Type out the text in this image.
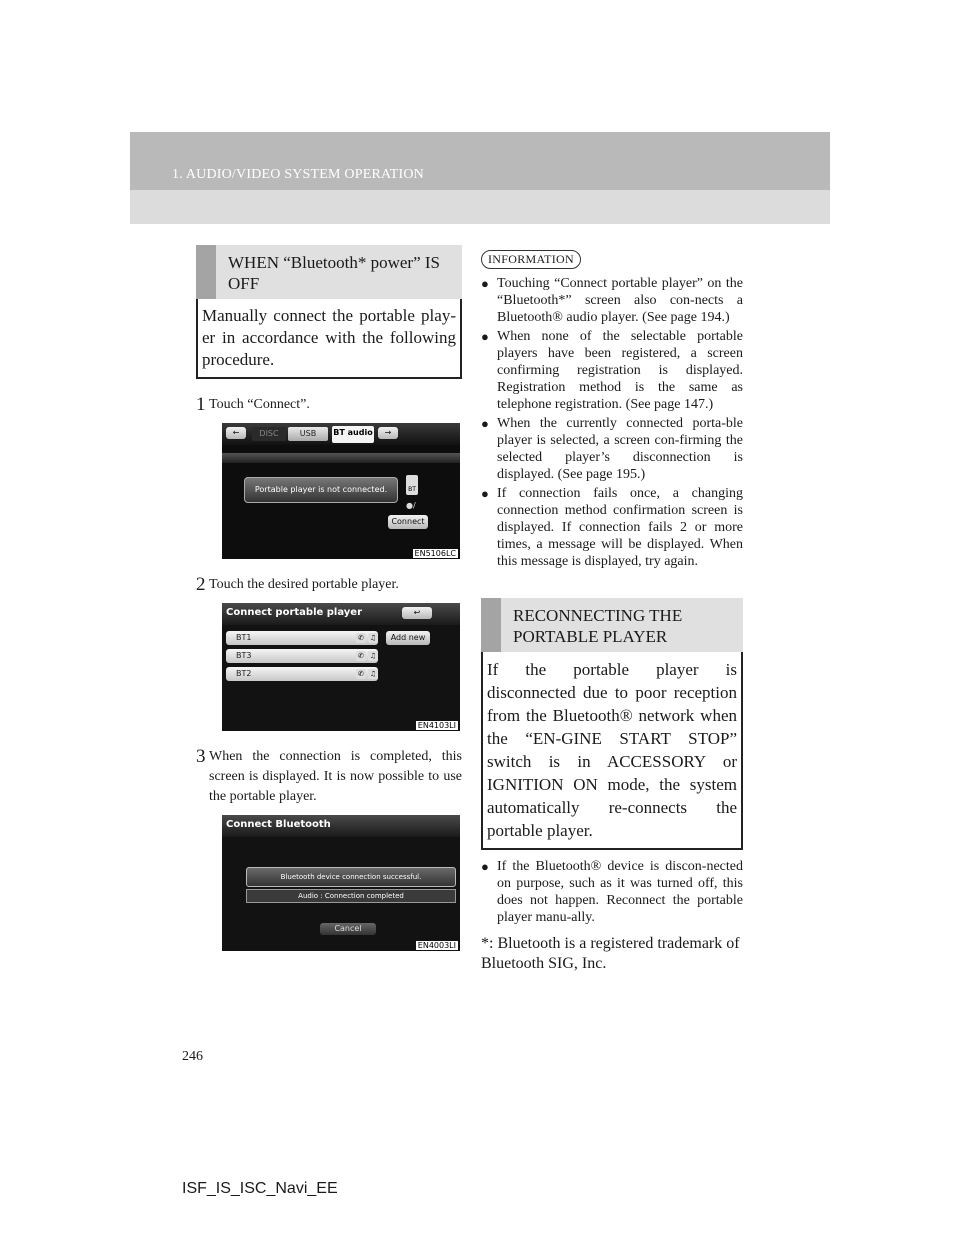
1. AUDIO/VIDEO SYSTEM OPERATION
WHEN “Bluetooth* power” IS OFF
Manually connect the portable play-er in accordance with the following procedure.
1 Touch “Connect”.
←	DISC	USB	BT audio	→
Portable player is not connected.	BT
●/
Connect
EN5106LC
2 Touch the desired portable player.
Connect portable player	↩
BT1	✆ ♫	Add new
BT3	✆ ♫
BT2	✆ ♫
EN4103LI
3 When the connection is completed, this screen is displayed. It is now possible to use the portable player.
Connect Bluetooth
Bluetooth device connection successful.
Audio : Connection completed
Cancel
EN4003LI
INFORMATION
● Touching “Connect portable player” on the “Bluetooth*” screen also con-nects a Bluetooth® audio player. (See page 194.)
● When none of the selectable portable players have been registered, a screen confirming registration is displayed. Registration method is the same as telephone registration. (See page 147.)
● When the currently connected porta-ble player is selected, a screen con-firming the selected player’s disconnection is displayed. (See page 195.)
● If connection fails once, a changing connection method confirmation screen is displayed. If connection fails 2 or more times, a message will be displayed. When this message is displayed, try again.
RECONNECTING THE PORTABLE PLAYER
If the portable player is disconnected due to poor reception from the Bluetooth® network when the “EN-GINE START STOP” switch is in ACCESSORY or IGNITION ON mode, the system automatically re-connects the portable player.
● If the Bluetooth® device is discon-nected on purpose, such as it was turned off, this does not happen. Reconnect the portable player manu-ally.
*: Bluetooth is a registered trademark of Bluetooth SIG, Inc.
246
ISF_IS_ISC_Navi_EE
